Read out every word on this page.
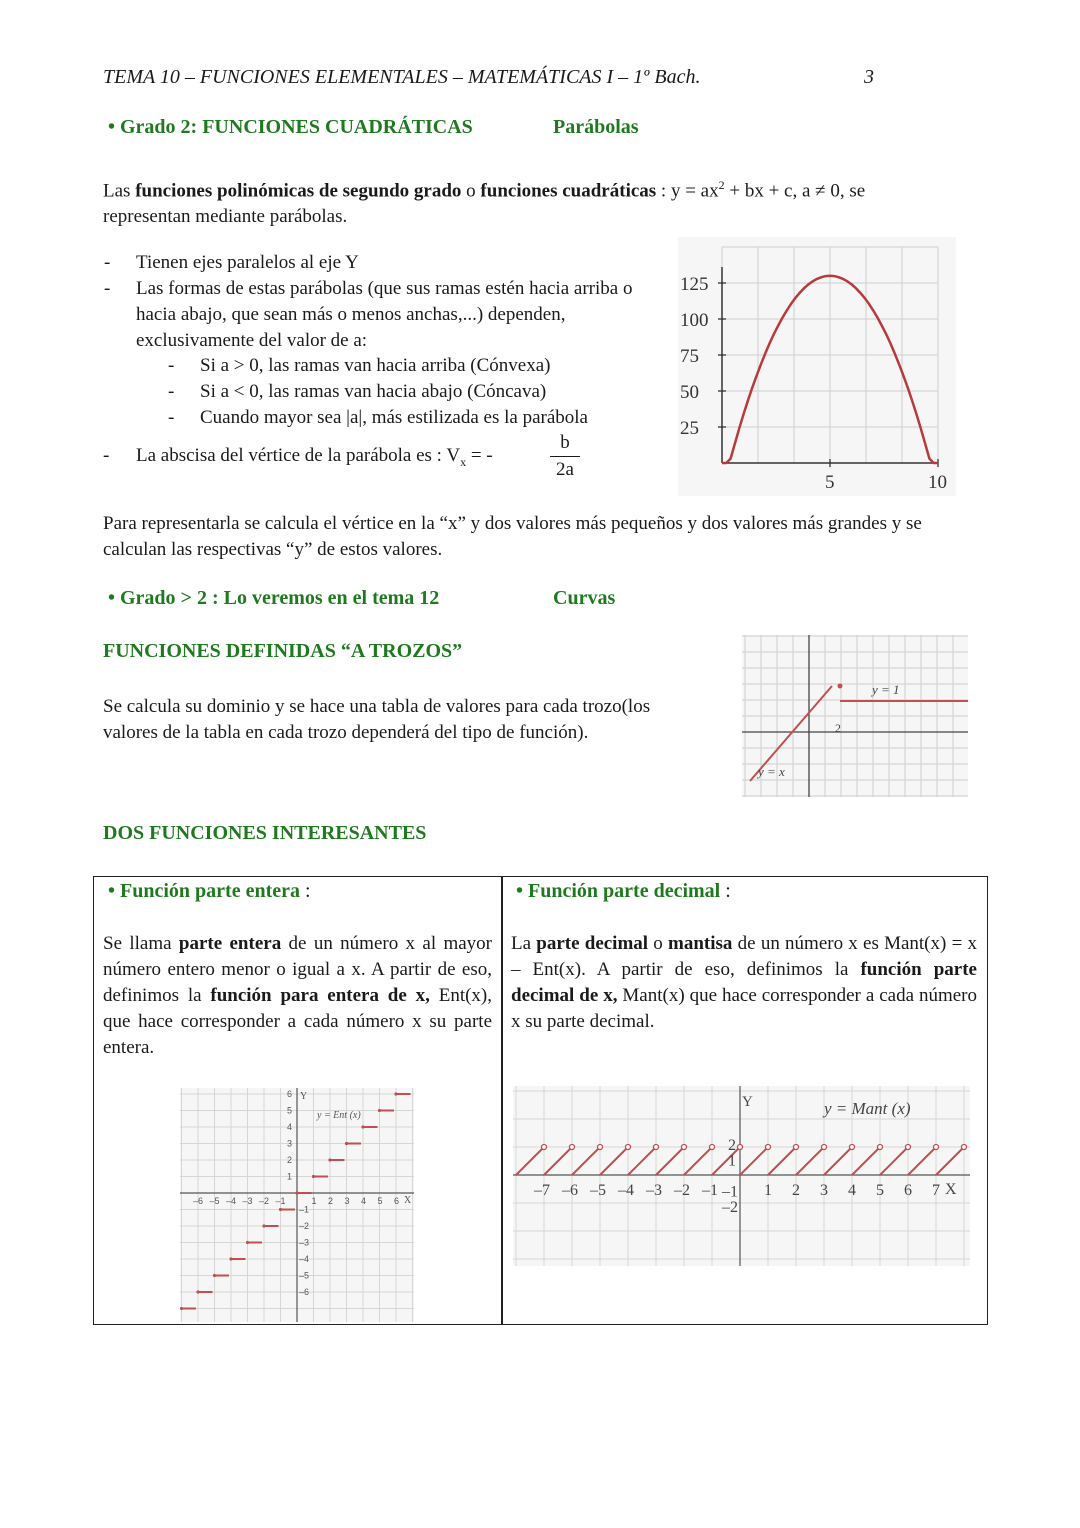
TEMA 10 – FUNCIONES ELEMENTALES – MATEMÁTICAS I – 1º Bach.	3
• Grado 2: FUNCIONES CUADRÁTICAS	Parábolas
Las funciones polinómicas de segundo grado o funciones cuadráticas : $y = ax^2$ + bx + c, a ≠ 0, se
representan mediante parábolas.
- Tienen ejes paralelos al eje Y
- Las formas de estas parábolas (que sus ramas estén hacia arriba o hacia abajo, que sean más o menos anchas,...) dependen, exclusivamente del valor de a:
- Si a > 0, las ramas van hacia arriba (Cónvexa)
- Si a < 0, las ramas van hacia abajo (Cóncava)
- Cuando mayor sea |a|, más estilizada es la parábola
-	La abscisa del vértice de la parábola es : $V_x$ = -	$\frac{b}{2a}$
125
100
75
50
25
5	10
Para representarla se calcula el vértice en la “x” y dos valores más pequeños y dos valores más grandes y se calculan las respectivas “y” de estos valores.
• Grado > 2 : Lo veremos en el tema 12	Curvas
FUNCIONES DEFINIDAS “A TROZOS”
Se calcula su dominio y se hace una tabla de valores para cada trozo(los valores de la tabla en cada trozo dependerá del tipo de función).
y = 1
y = x
2
DOS FUNCIONES INTERESANTES
• Función parte entera :
Se llama parte entera de un número x al mayor número entero menor o igual a x. A partir de eso, definimos la función para entera de x, Ent(x), que hace corresponder a cada número x su parte entera.
–6 –5 –4 –3 –2 –1	1 2 3 4 5 6
6
5
4
3
2
1
–1
–2
–3
–4
–5
–6
Y
X
y = Ent (x)
• Función parte decimal :
La parte decimal o mantisa de un número x es Mant(x) = x – Ent(x). A partir de eso, definimos la función parte decimal de x, Mant(x) que hace corresponder a cada número x su parte decimal.
–7 –6 –5 –4 –3 –2 –1	1 2 3 4 5 6 7
2
1
–1
–2
Y
X
y = Mant (x)
